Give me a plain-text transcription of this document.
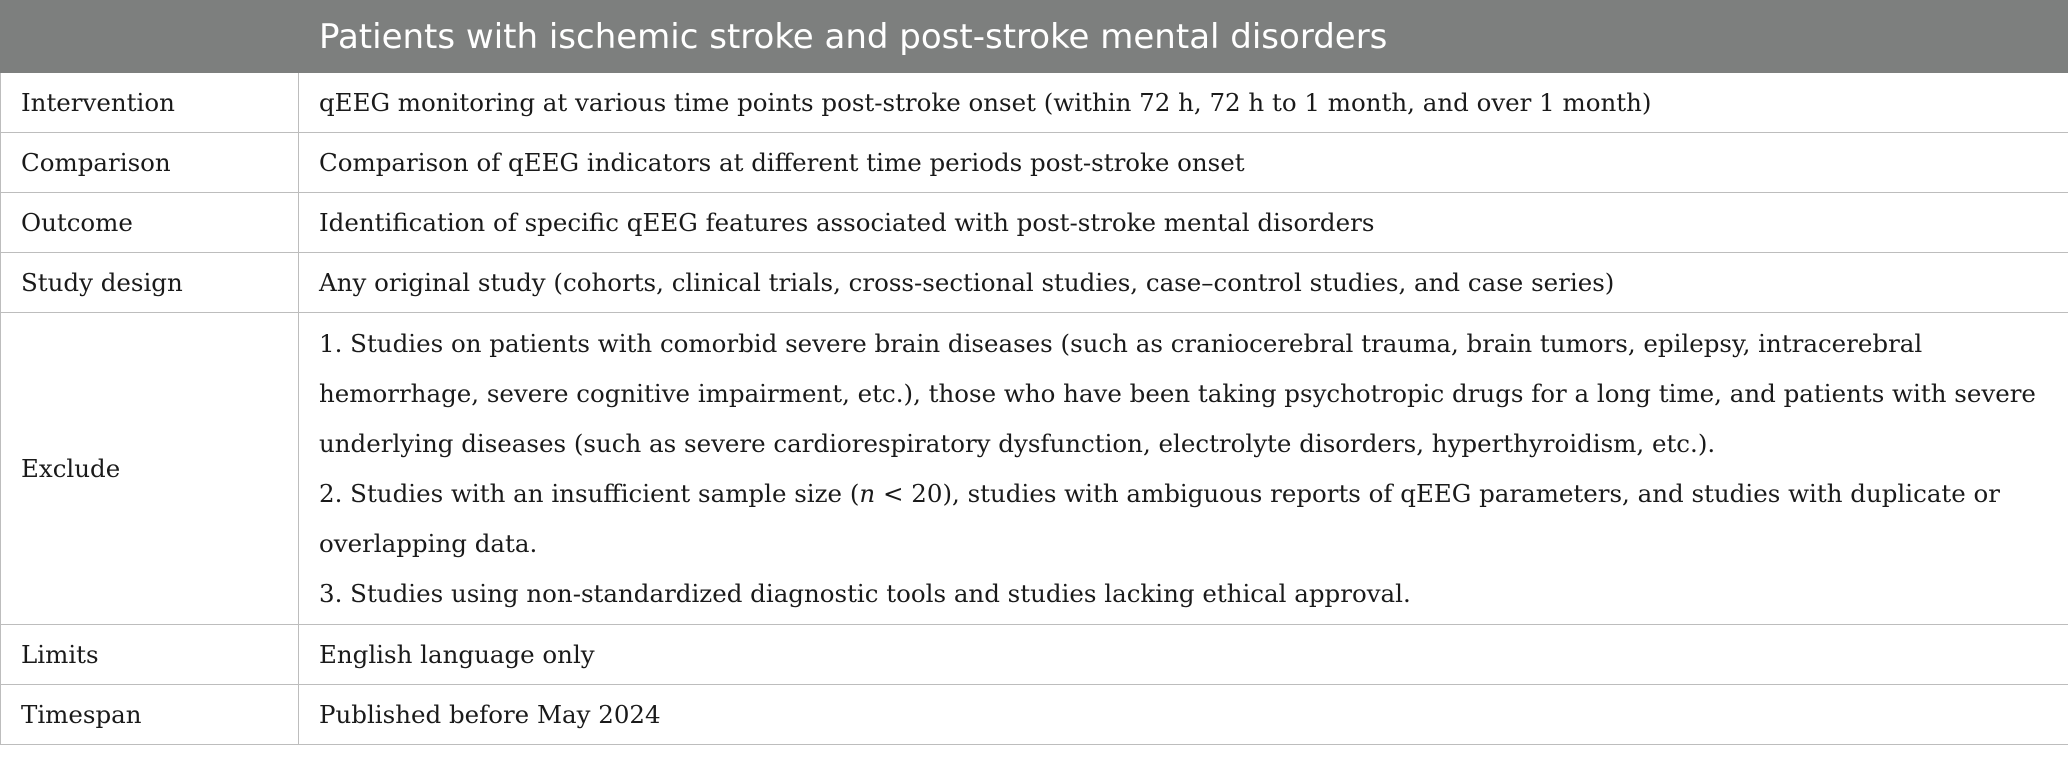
	Patients with ischemic stroke and post-stroke mental disorders
Intervention	qEEG monitoring at various time points post-stroke onset (within 72 h, 72 h to 1 month, and over 1 month)
Comparison	Comparison of qEEG indicators at different time periods post-stroke onset
Outcome	Identification of specific qEEG features associated with post-stroke mental disorders
Study design	Any original study (cohorts, clinical trials, cross-sectional studies, case–control studies, and case series)
Exclude	1. Studies on patients with comorbid severe brain diseases (such as craniocerebral trauma, brain tumors, epilepsy, intracerebral hemorrhage, severe cognitive impairment, etc.), those who have been taking psychotropic drugs for a long time, and patients with severe underlying diseases (such as severe cardiorespiratory dysfunction, electrolyte disorders, hyperthyroidism, etc.).

2. Studies with an insufficient sample size (n < 20), studies with ambiguous reports of qEEG parameters, and studies with duplicate or overlapping data.

3. Studies using non-standardized diagnostic tools and studies lacking ethical approval.

Limits	English language only
Timespan	Published before May 2024
